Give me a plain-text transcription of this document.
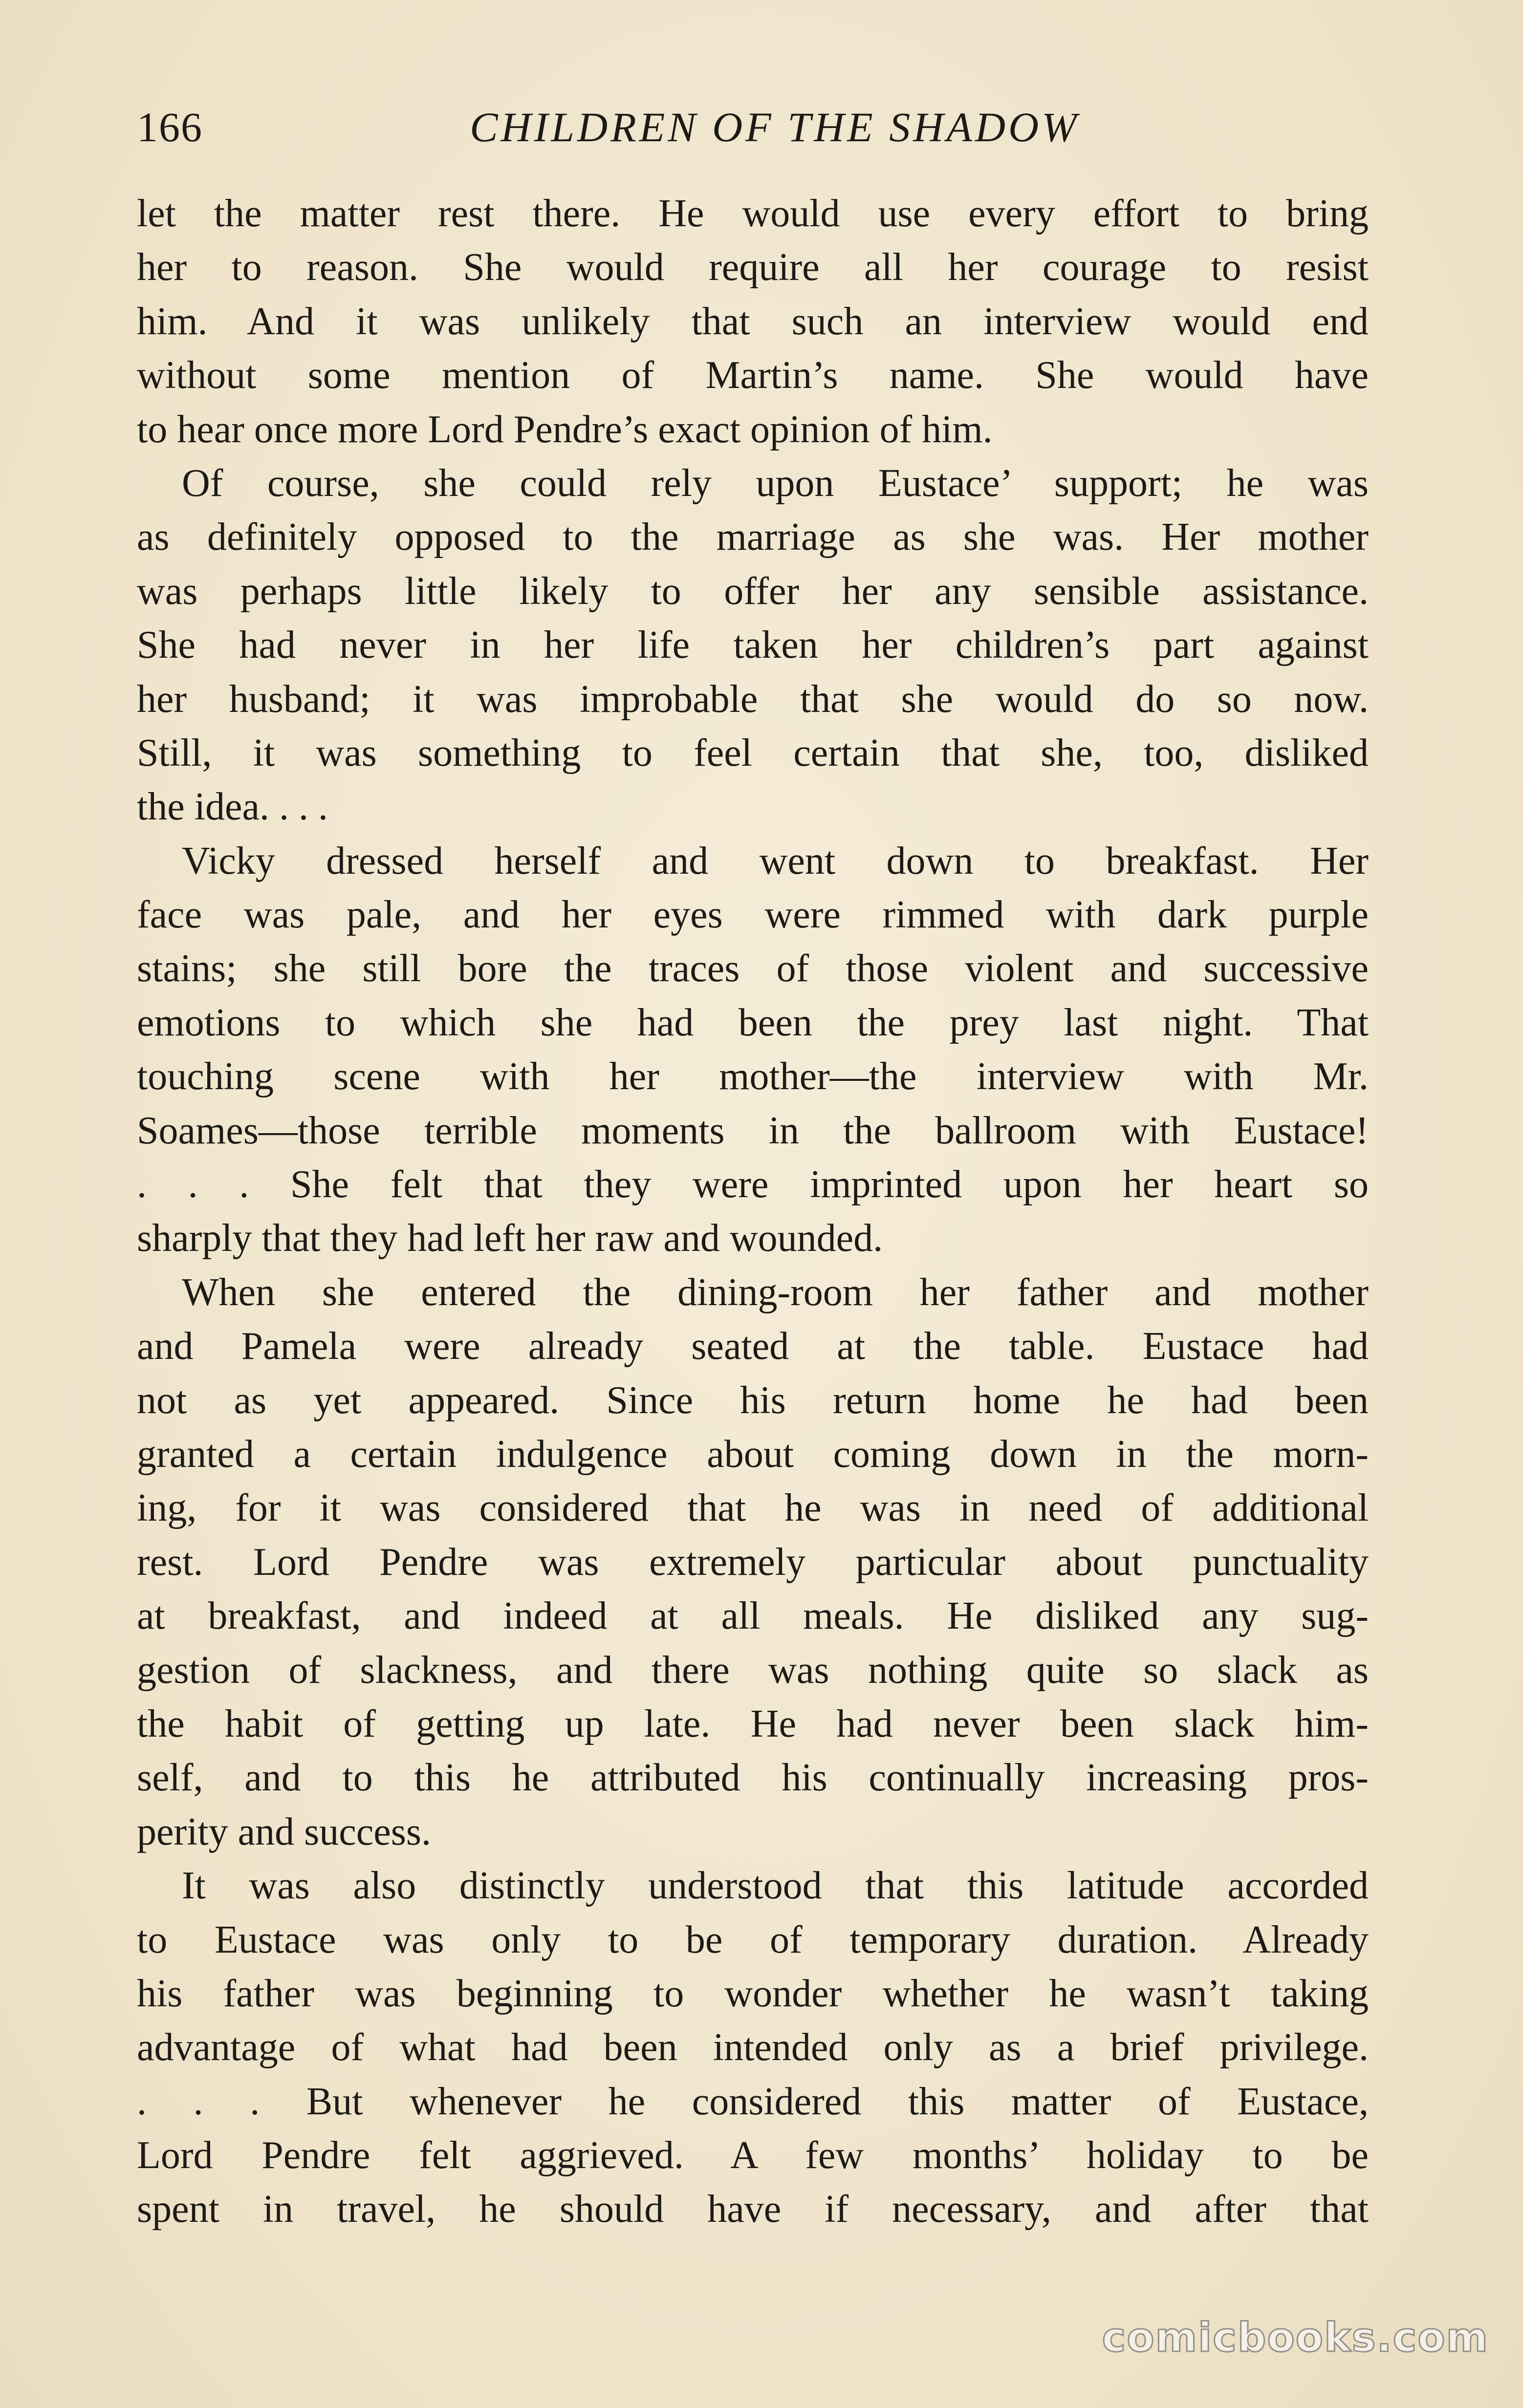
166	CHILDREN OF THE SHADOW
let the matter rest there. He would use every effort to bring
her to reason. She would require all her courage to resist
him. And it was unlikely that such an interview would end
without some mention of Martin’s name. She would have
to hear once more Lord Pendre’s exact opinion of him.
Of course, she could rely upon Eustace’ support; he was
as definitely opposed to the marriage as she was. Her mother
was perhaps little likely to offer her any sensible assistance.
She had never in her life taken her children’s part against
her husband; it was improbable that she would do so now.
Still, it was something to feel certain that she, too, disliked
the idea. . . .
Vicky dressed herself and went down to breakfast. Her
face was pale, and her eyes were rimmed with dark purple
stains; she still bore the traces of those violent and successive
emotions to which she had been the prey last night. That
touching scene with her mother—the interview with Mr.
Soames—those terrible moments in the ballroom with Eustace!
. . . She felt that they were imprinted upon her heart so
sharply that they had left her raw and wounded.
When she entered the dining-room her father and mother
and Pamela were already seated at the table. Eustace had
not as yet appeared. Since his return home he had been
granted a certain indulgence about coming down in the morn-
ing, for it was considered that he was in need of additional
rest. Lord Pendre was extremely particular about punctuality
at breakfast, and indeed at all meals. He disliked any sug-
gestion of slackness, and there was nothing quite so slack as
the habit of getting up late. He had never been slack him-
self, and to this he attributed his continually increasing pros-
perity and success.
It was also distinctly understood that this latitude accorded
to Eustace was only to be of temporary duration. Already
his father was beginning to wonder whether he wasn’t taking
advantage of what had been intended only as a brief privilege.
. . . But whenever he considered this matter of Eustace,
Lord Pendre felt aggrieved. A few months’ holiday to be
spent in travel, he should have if necessary, and after that
comicbooks.com
